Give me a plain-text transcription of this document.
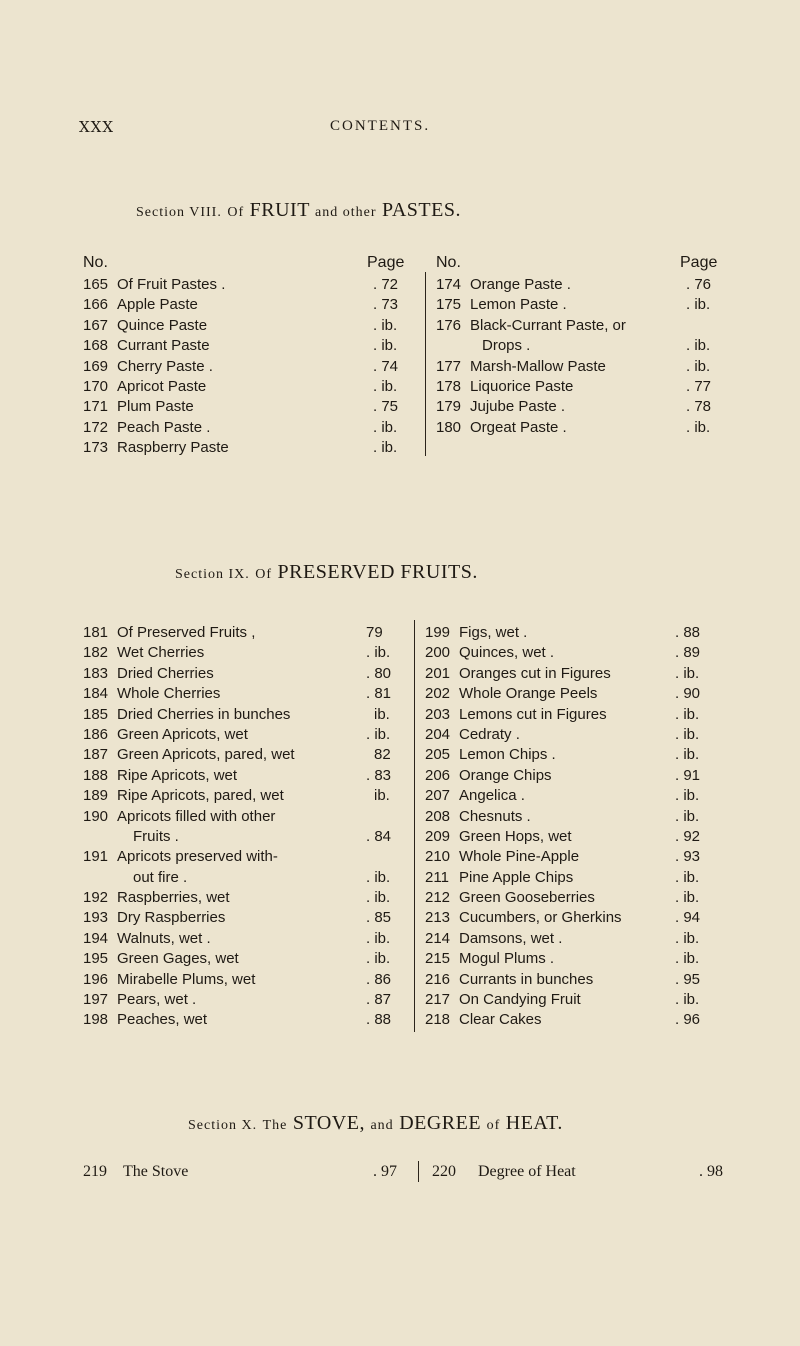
XXX	CONTENTS.
Section VIII. Of FRUIT and other PASTES.
No.	Page No.	Page
165 Of Fruit Pastes .	. 72
166 Apple Paste	. 73
167 Quince Paste	. ib.
168 Currant Paste	. ib.
169 Cherry Paste .	. 74
170 Apricot Paste	. ib.
171 Plum Paste	. 75
172 Peach Paste .	. ib.
173 Raspberry Paste	. ib.
174 Orange Paste .	. 76
175 Lemon Paste .	. ib.
176 Black-Currant Paste, or
Drops .	. ib.
177 Marsh-Mallow Paste	. ib.
178 Liquorice Paste	. 77
179 Jujube Paste .	. 78
180 Orgeat Paste .	. ib.
Section IX. Of PRESERVED FRUITS.
181 Of Preserved Fruits ,	79
182 Wet Cherries	. ib.
183 Dried Cherries	. 80
184 Whole Cherries	. 81
185 Dried Cherries in bunches	ib.
186 Green Apricots, wet	. ib.
187 Green Apricots, pared, wet	82
188 Ripe Apricots, wet	. 83
189 Ripe Apricots, pared, wet	ib.
190 Apricots filled with other
Fruits .	. 84
191 Apricots preserved with-
out fire .	. ib.
192 Raspberries, wet	. ib.
193 Dry Raspberries	. 85
194 Walnuts, wet .	. ib.
195 Green Gages, wet	. ib.
196 Mirabelle Plums, wet	. 86
197 Pears, wet .	. 87
198 Peaches, wet	. 88
199 Figs, wet .	. 88
200 Quinces, wet .	. 89
201 Oranges cut in Figures	. ib.
202 Whole Orange Peels	. 90
203 Lemons cut in Figures	. ib.
204 Cedraty .	. ib.
205 Lemon Chips .	. ib.
206 Orange Chips	. 91
207 Angelica .	. ib.
208 Chesnuts .	. ib.
209 Green Hops, wet	. 92
210 Whole Pine-Apple	. 93
211 Pine Apple Chips	. ib.
212 Green Gooseberries	. ib.
213 Cucumbers, or Gherkins	. 94
214 Damsons, wet .	. ib.
215 Mogul Plums .	. ib.
216 Currants in bunches	. 95
217 On Candying Fruit	. ib.
218 Clear Cakes	. 96
Section X. The STOVE, and DEGREE of HEAT.
219 The Stove	. 97 220 Degree of Heat	. 98
